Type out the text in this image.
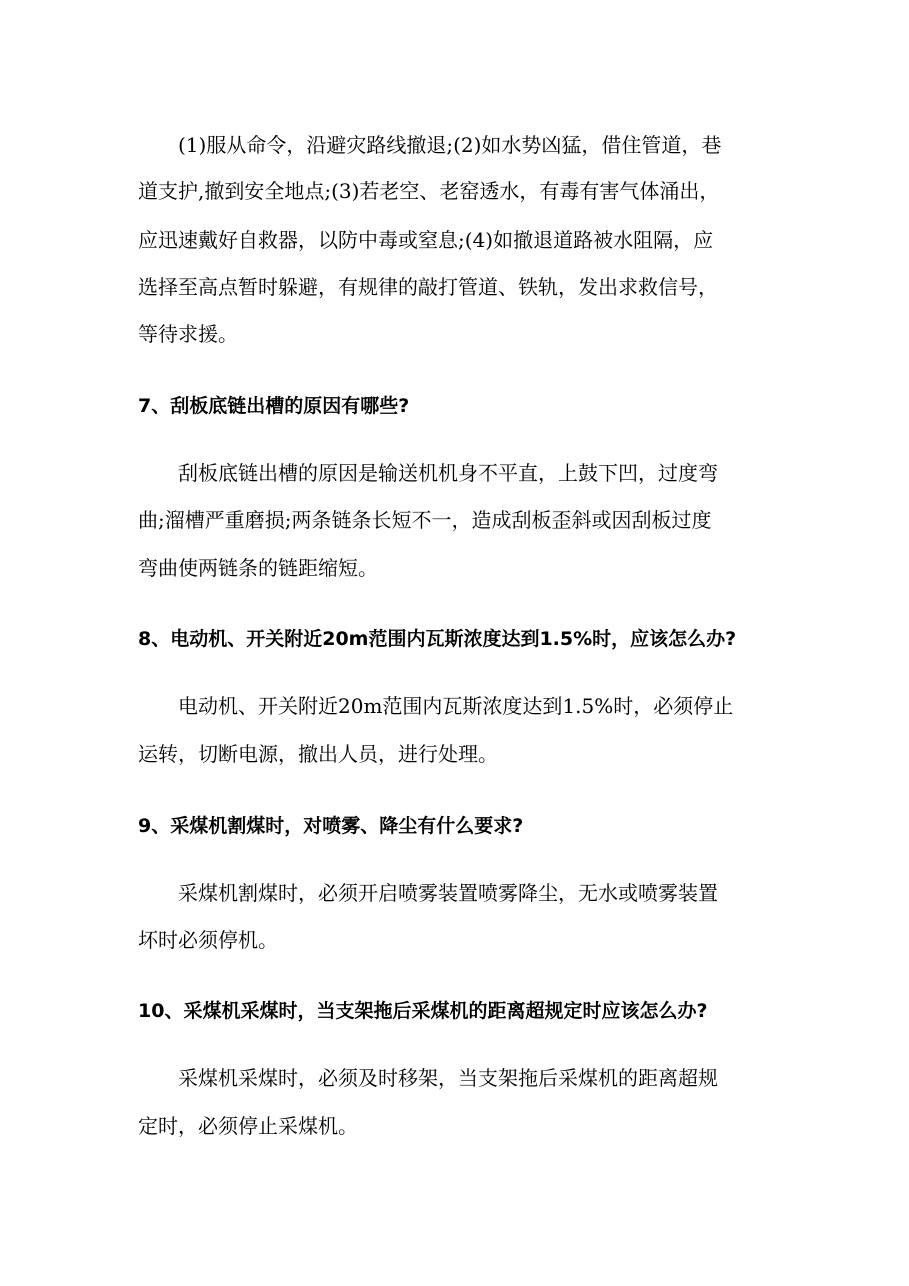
(1)服从命令，沿避灾路线撤退;(2)如水势凶猛，借住管道，巷
道支护,撤到安全地点;(3)若老空、老窑透水，有毒有害气体涌出，
应迅速戴好自救器，以防中毒或窒息;(4)如撤退道路被水阻隔，应
选择至高点暂时躲避，有规律的敲打管道、铁轨，发出求救信号，
等待求援。
7、刮板底链出槽的原因有哪些?
刮板底链出槽的原因是输送机机身不平直，上鼓下凹，过度弯
曲;溜槽严重磨损;两条链条长短不一，造成刮板歪斜或因刮板过度
弯曲使两链条的链距缩短。
8、电动机、开关附近20m范围内瓦斯浓度达到1.5%时，应该怎么办?
电动机、开关附近20m范围内瓦斯浓度达到1.5%时，必须停止
运转，切断电源，撤出人员，进行处理。
9、采煤机割煤时，对喷雾、降尘有什么要求?
采煤机割煤时，必须开启喷雾装置喷雾降尘，无水或喷雾装置
坏时必须停机。
10、采煤机采煤时，当支架拖后采煤机的距离超规定时应该怎么办?
采煤机采煤时，必须及时移架，当支架拖后采煤机的距离超规
定时，必须停止采煤机。
